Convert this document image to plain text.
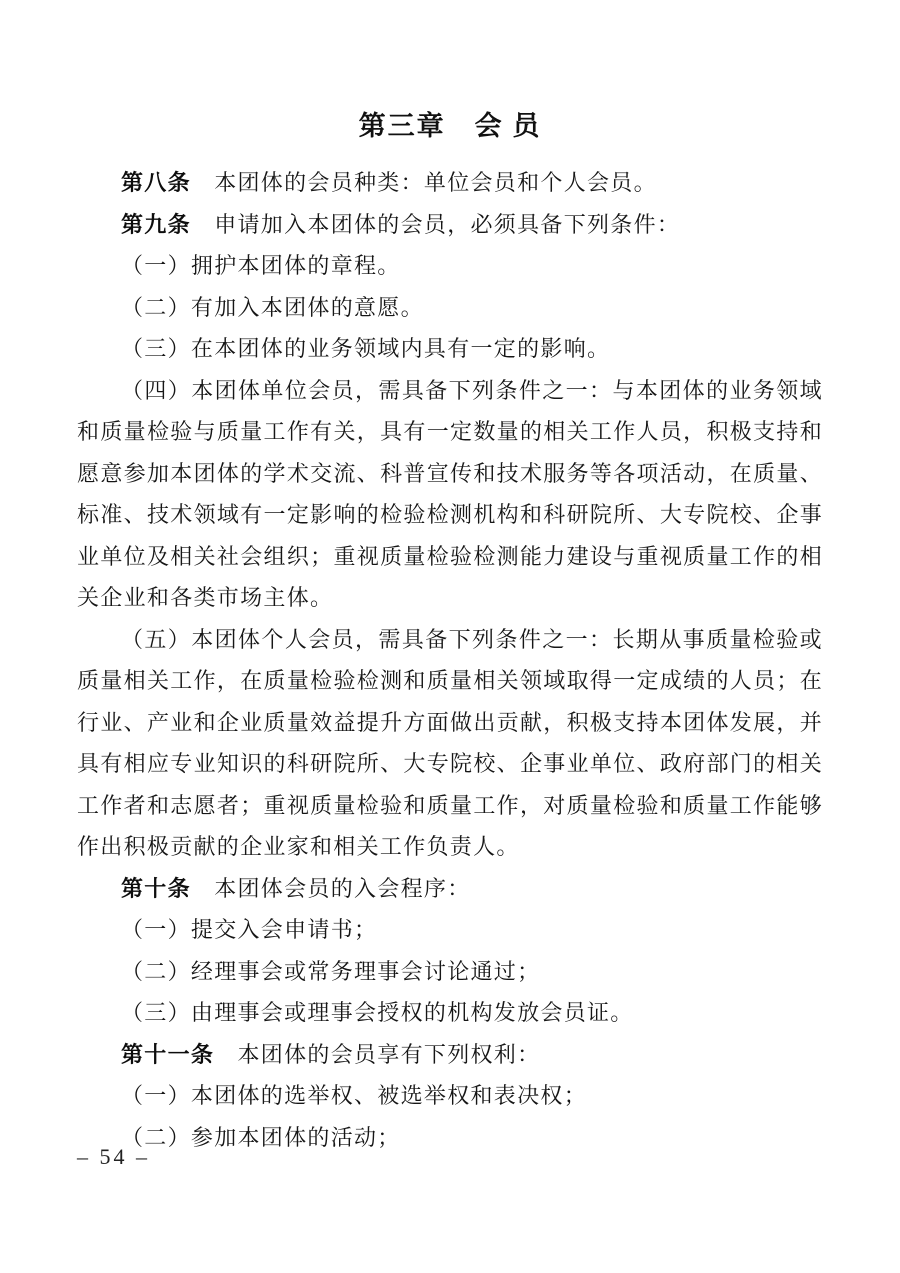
第三章　会 员

第八条　本团体的会员种类：单位会员和个人会员。

第九条　申请加入本团体的会员，必须具备下列条件：

（一）拥护本团体的章程。

（二）有加入本团体的意愿。

（三）在本团体的业务领域内具有一定的影响。

（四）本团体单位会员，需具备下列条件之一：与本团体的业务领域和质量检验与质量工作有关，具有一定数量的相关工作人员，积极支持和愿意参加本团体的学术交流、科普宣传和技术服务等各项活动，在质量、标准、技术领域有一定影响的检验检测机构和科研院所、大专院校、企事业单位及相关社会组织；重视质量检验检测能力建设与重视质量工作的相关企业和各类市场主体。

（五）本团体个人会员，需具备下列条件之一：长期从事质量检验或质量相关工作，在质量检验检测和质量相关领域取得一定成绩的人员；在行业、产业和企业质量效益提升方面做出贡献，积极支持本团体发展，并具有相应专业知识的科研院所、大专院校、企事业单位、政府部门的相关工作者和志愿者；重视质量检验和质量工作，对质量检验和质量工作能够作出积极贡献的企业家和相关工作负责人。

第十条　本团体会员的入会程序：

（一）提交入会申请书；

（二）经理事会或常务理事会讨论通过；

（三）由理事会或理事会授权的机构发放会员证。

第十一条　本团体的会员享有下列权利：

（一）本团体的选举权、被选举权和表决权；

（二）参加本团体的活动；

– 54 –
